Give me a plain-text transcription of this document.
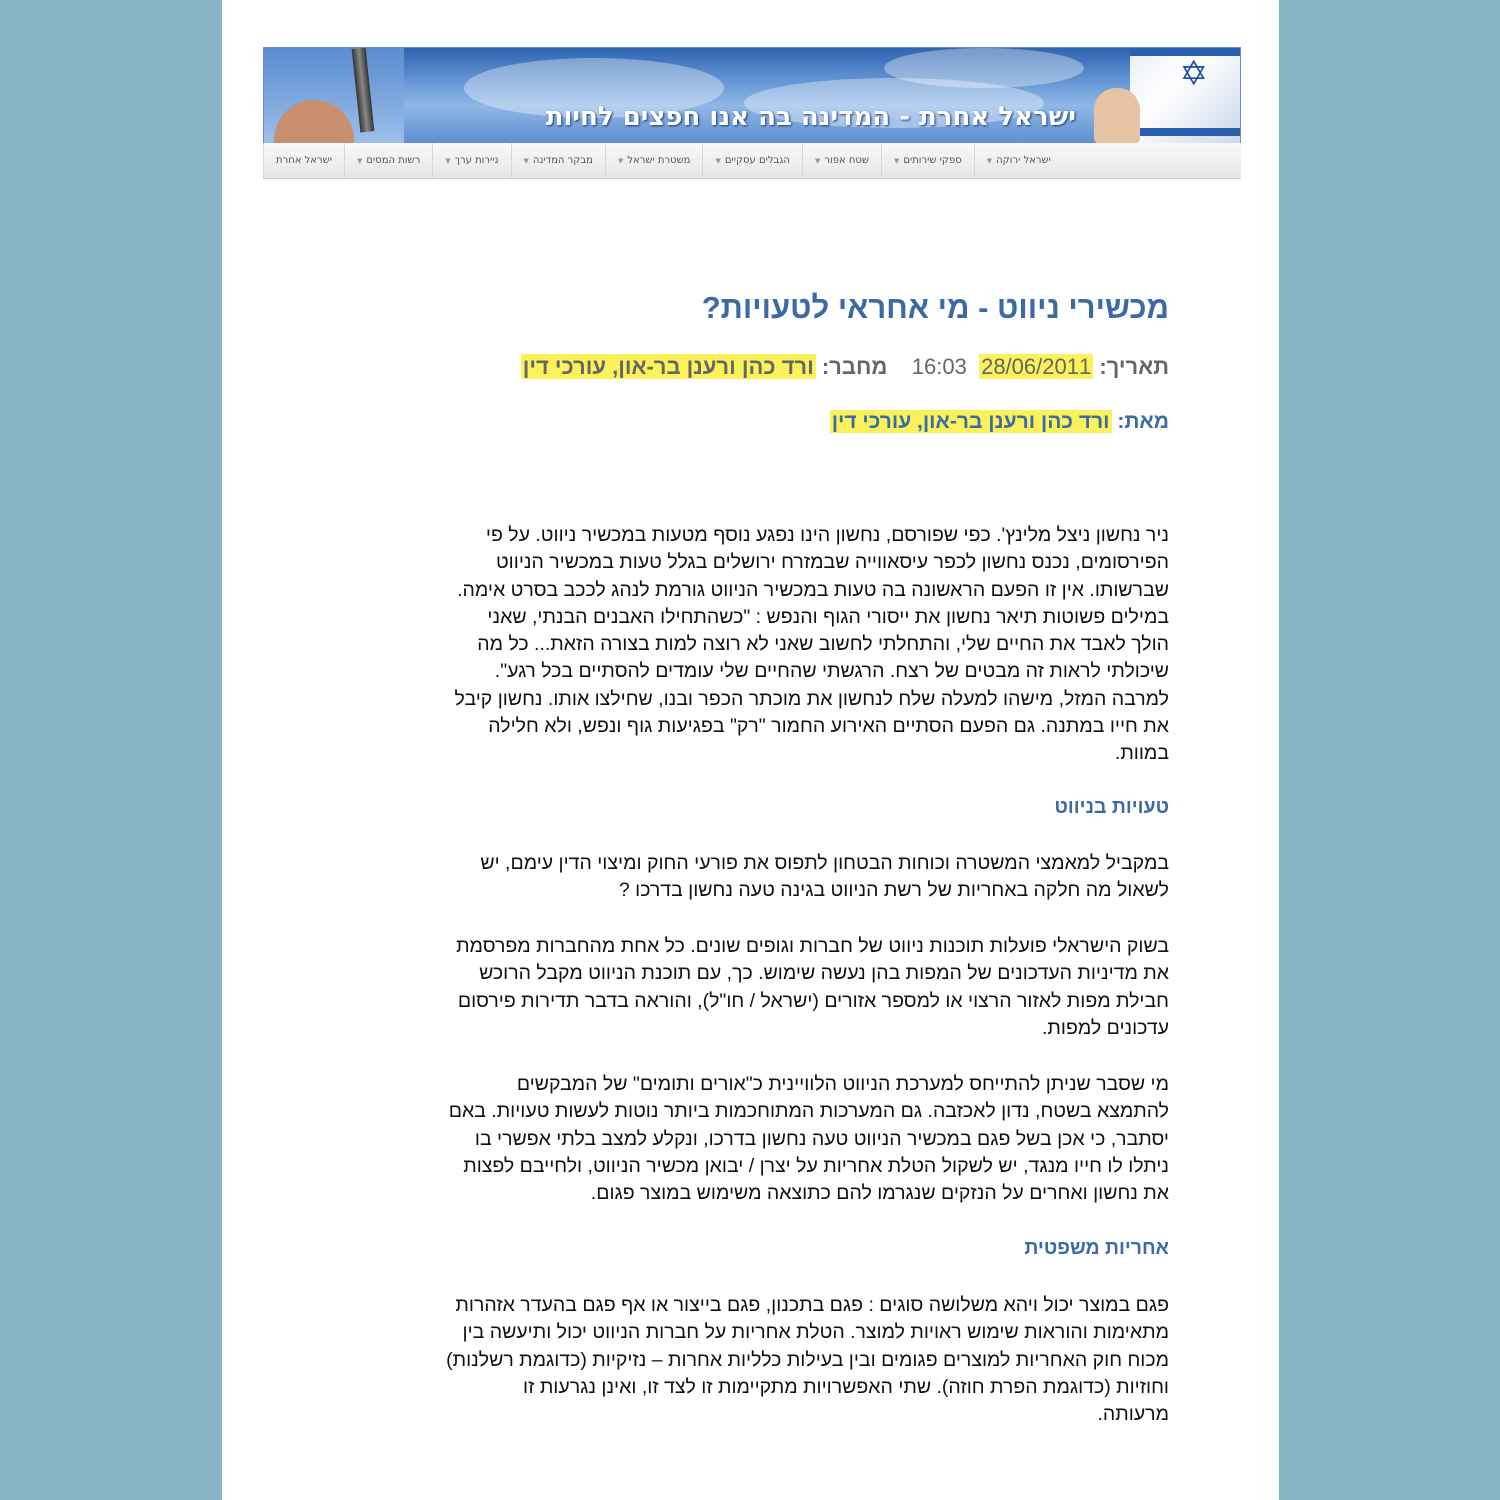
✡
ישראל אחרת - המדינה בה אנו חפצים לחיות
ישראל אחרת	רשות המסים
▼	ניירות ערך
▼	מבקר המדינה
▼	משטרת ישראל
▼	הגבלים עסקיים
▼	שטח אפור
▼	ספקי שירותים
▼	ישראל ירוקה
▼
מכשירי ניווט - מי אחראי לטעויות?
תאריך: 28/06/2011  16:03    מחבר: ורד כהן ורענן בר-און, עורכי דין
מאת: ורד כהן ורענן בר-און, עורכי דין

ניר נחשון ניצל מלינץ'. כפי שפורסם, נחשון הינו נפגע נוסף מטעות במכשיר ניווט. על פי

הפירסומים, נכנס נחשון לכפר עיסאווייה שבמזרח ירושלים בגלל טעות במכשיר הניווט

שברשותו. אין זו הפעם הראשונה בה טעות במכשיר הניווט גורמת לנהג לככב בסרט אימה.

במילים פשוטות תיאר נחשון את ייסורי הגוף והנפש : "כשהתחילו האבנים הבנתי, שאני

הולך לאבד את החיים שלי, והתחלתי לחשוב שאני לא רוצה למות בצורה הזאת... כל מה

שיכולתי לראות זה מבטים של רצח. הרגשתי שהחיים שלי עומדים להסתיים בכל רגע".

למרבה המזל, מישהו למעלה שלח לנחשון את מוכתר הכפר ובנו, שחילצו אותו. נחשון קיבל

את חייו במתנה. גם הפעם הסתיים האירוע החמור "רק" בפגיעות גוף ונפש, ולא חלילה

במוות.

טעויות בניווט

במקביל למאמצי המשטרה וכוחות הבטחון לתפוס את פורעי החוק ומיצוי הדין עימם, יש

לשאול מה חלקה באחריות של רשת הניווט בגינה טעה נחשון בדרכו ?

בשוק הישראלי פועלות תוכנות ניווט של חברות וגופים שונים. כל אחת מהחברות מפרסמת

את מדיניות העדכונים של המפות בהן נעשה שימוש. כך, עם תוכנת הניווט מקבל הרוכש

חבילת מפות לאזור הרצוי או למספר אזורים (ישראל / חו"ל), והוראה בדבר תדירות פירסום

עדכונים למפות.

מי שסבר שניתן להתייחס למערכת הניווט הלוויינית כ"אורים ותומים" של המבקשים

להתמצא בשטח, נדון לאכזבה. גם המערכות המתוחכמות ביותר נוטות לעשות טעויות. באם

יסתבר, כי אכן בשל פגם במכשיר הניווט טעה נחשון בדרכו, ונקלע למצב בלתי אפשרי בו

ניתלו לו חייו מנגד, יש לשקול הטלת אחריות על יצרן / יבואן מכשיר הניווט, ולחייבם לפצות

את נחשון ואחרים על הנזקים שנגרמו להם כתוצאה משימוש במוצר פגום.

אחריות משפטית

פגם במוצר יכול ויהא משלושה סוגים : פגם בתכנון, פגם בייצור או אף פגם בהעדר אזהרות

מתאימות והוראות שימוש ראויות למוצר. הטלת אחריות על חברות הניווט יכול ותיעשה בין

מכוח חוק האחריות למוצרים פגומים ובין בעילות כלליות אחרות – נזיקיות (כדוגמת רשלנות)

וחוזיות (כדוגמת הפרת חוזה). שתי האפשרויות מתקיימות זו לצד זו, ואינן נגרעות זו

מרעותה.
